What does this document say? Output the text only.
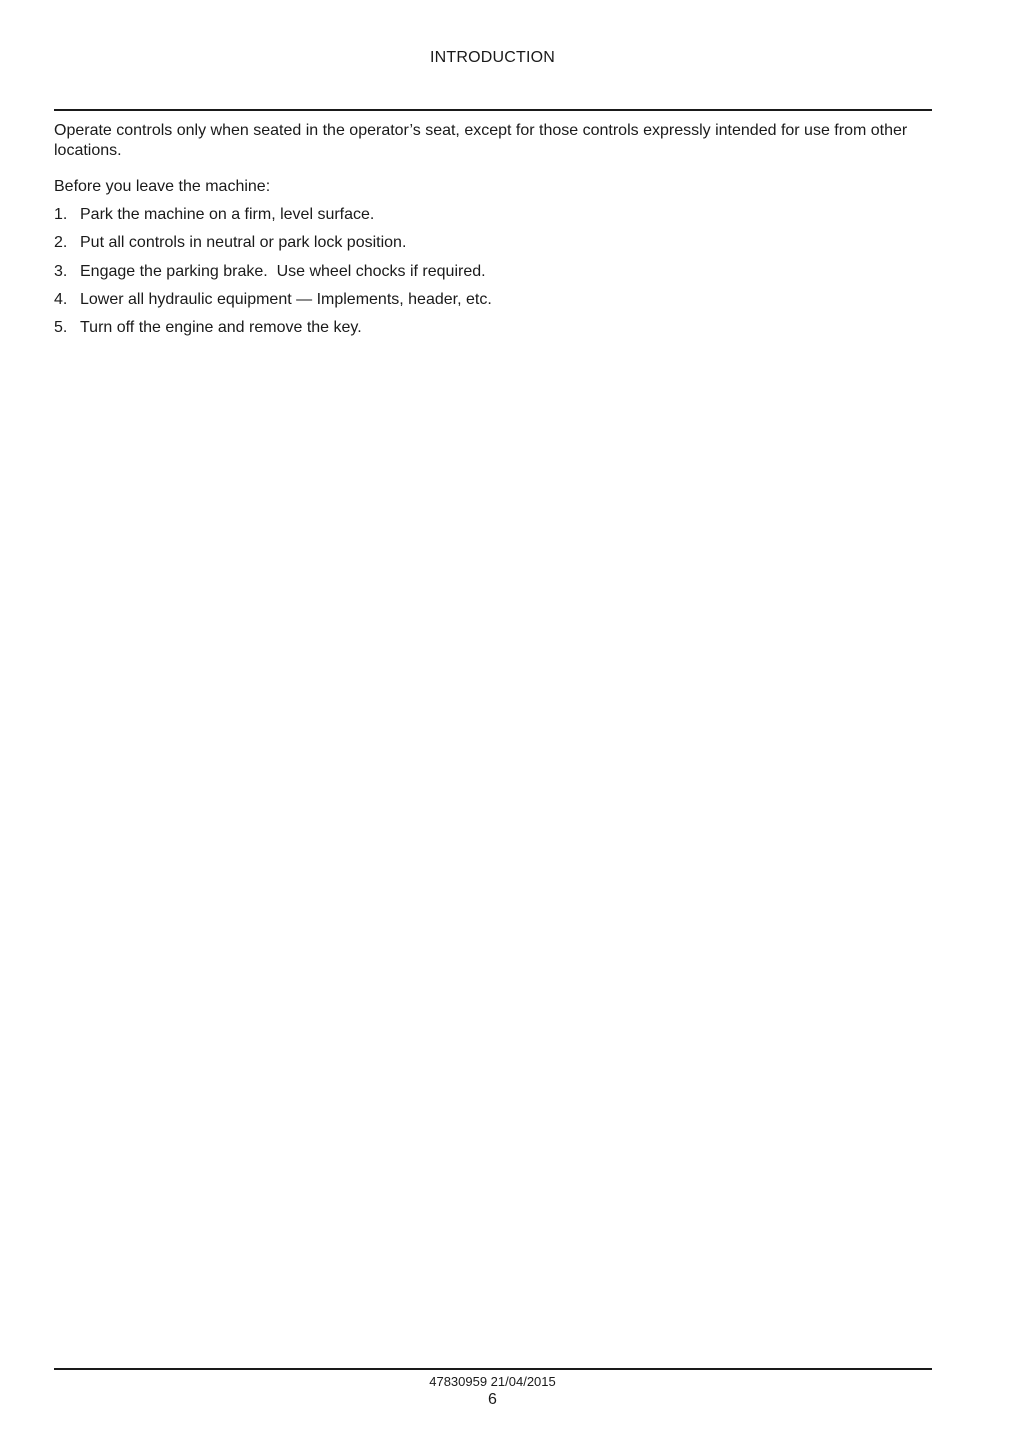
INTRODUCTION

Operate controls only when seated in the operator’s seat, except for those controls expressly intended for use from other locations.

Before you leave the machine:

1. Park the machine on a firm, level surface.
2. Put all controls in neutral or park lock position.
3. Engage the parking brake.  Use wheel chocks if required.
4. Lower all hydraulic equipment — Implements, header, etc.
5. Turn off the engine and remove the key.
47830959 21/04/2015
6
